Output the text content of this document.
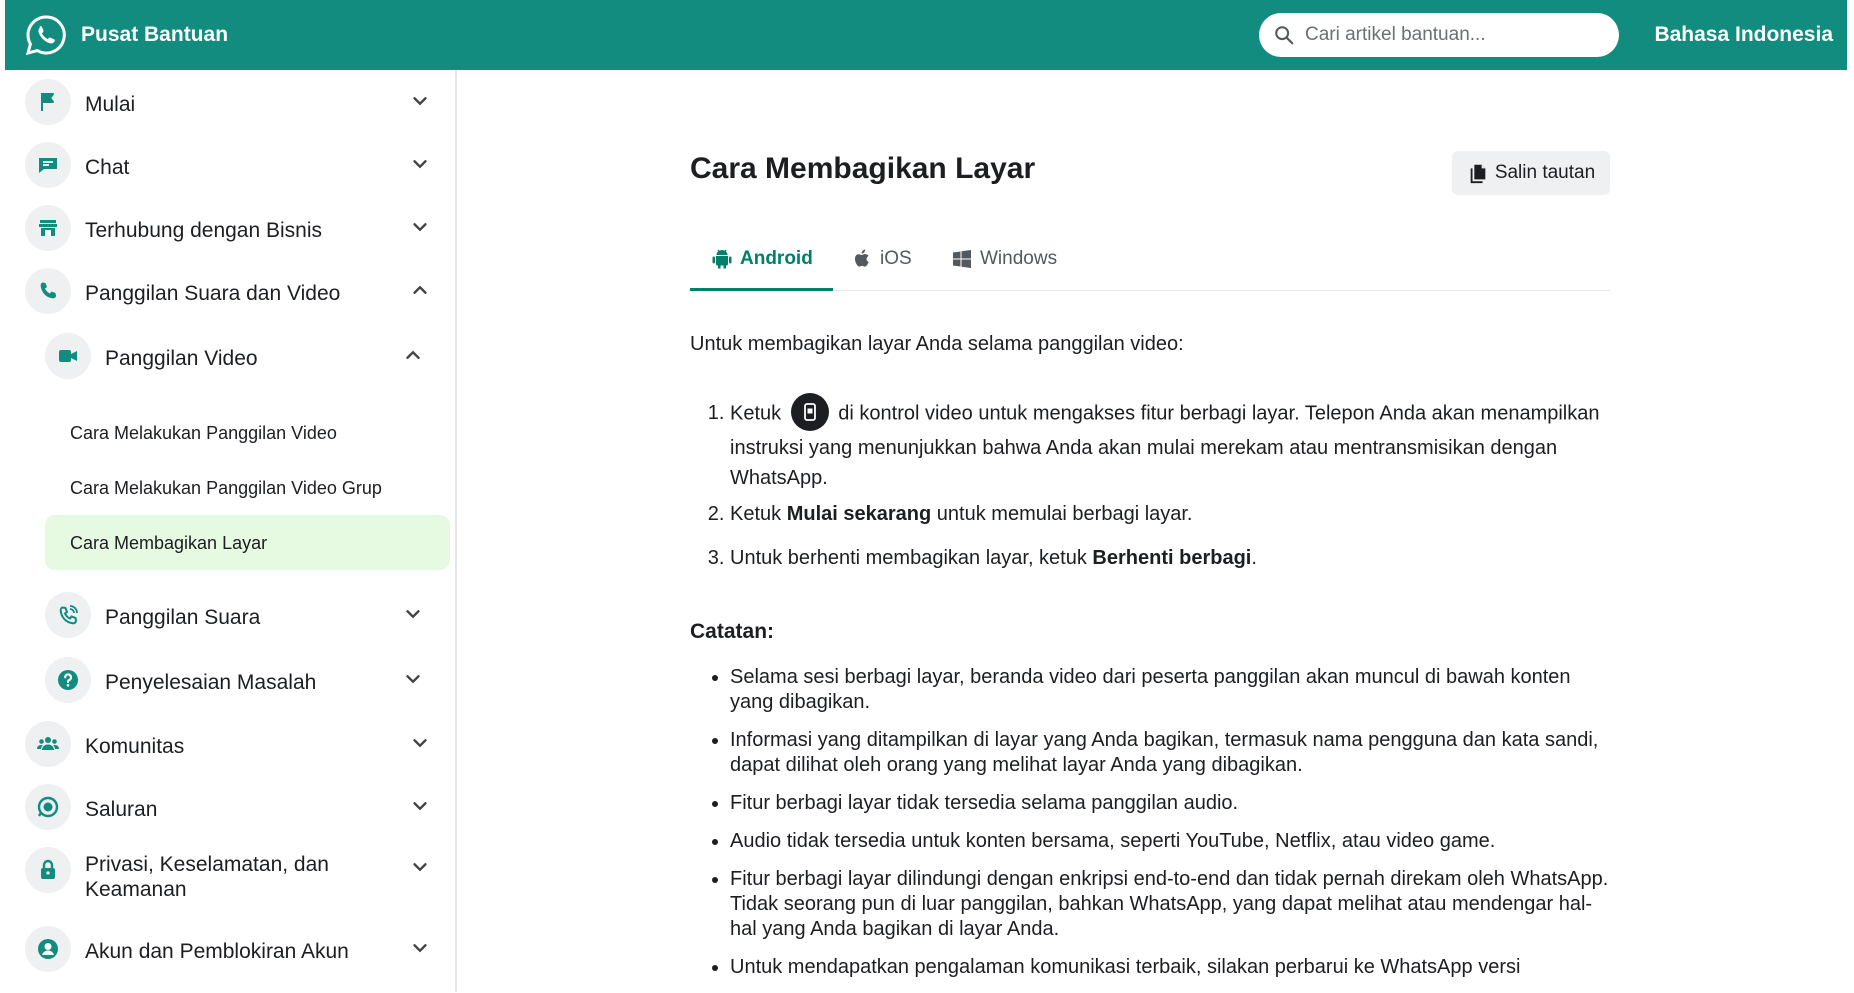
Pusat Bantuan
Cari artikel bantuan...	Bahasa Indonesia
Mulai
Chat
Terhubung dengan Bisnis
Panggilan Suara dan Video
Panggilan Video
Cara Melakukan Panggilan Video
Cara Melakukan Panggilan Video Grup
Cara Membagikan Layar
Panggilan Suara
Penyelesaian Masalah
Komunitas
Saluran
Privasi, Keselamatan, dan
Keamanan
Akun dan Pemblokiran Akun
Cara Membagikan Layar	Salin tautan
Android	iOS	Windows

Untuk membagikan layar Anda selama panggilan video:

1. Ketuk	di kontrol video untuk mengakses fitur berbagi layar. Telepon Anda akan menampilkan instruksi yang menunjukkan bahwa Anda akan mulai merekam atau mentransmisikan dengan WhatsApp.
2. Ketuk Mulai sekarang untuk memulai berbagi layar.
3. Untuk berhenti membagikan layar, ketuk Berhenti berbagi.

Catatan:

• Selama sesi berbagi layar, beranda video dari peserta panggilan akan muncul di bawah konten yang dibagikan.
• Informasi yang ditampilkan di layar yang Anda bagikan, termasuk nama pengguna dan kata sandi, dapat dilihat oleh orang yang melihat layar Anda yang dibagikan.
• Fitur berbagi layar tidak tersedia selama panggilan audio.
• Audio tidak tersedia untuk konten bersama, seperti YouTube, Netflix, atau video game.
• Fitur berbagi layar dilindungi dengan enkripsi end-to-end dan tidak pernah direkam oleh WhatsApp. Tidak seorang pun di luar panggilan, bahkan WhatsApp, yang dapat melihat atau mendengar hal-hal yang Anda bagikan di layar Anda.
• Untuk mendapatkan pengalaman komunikasi terbaik, silakan perbarui ke WhatsApp versi
